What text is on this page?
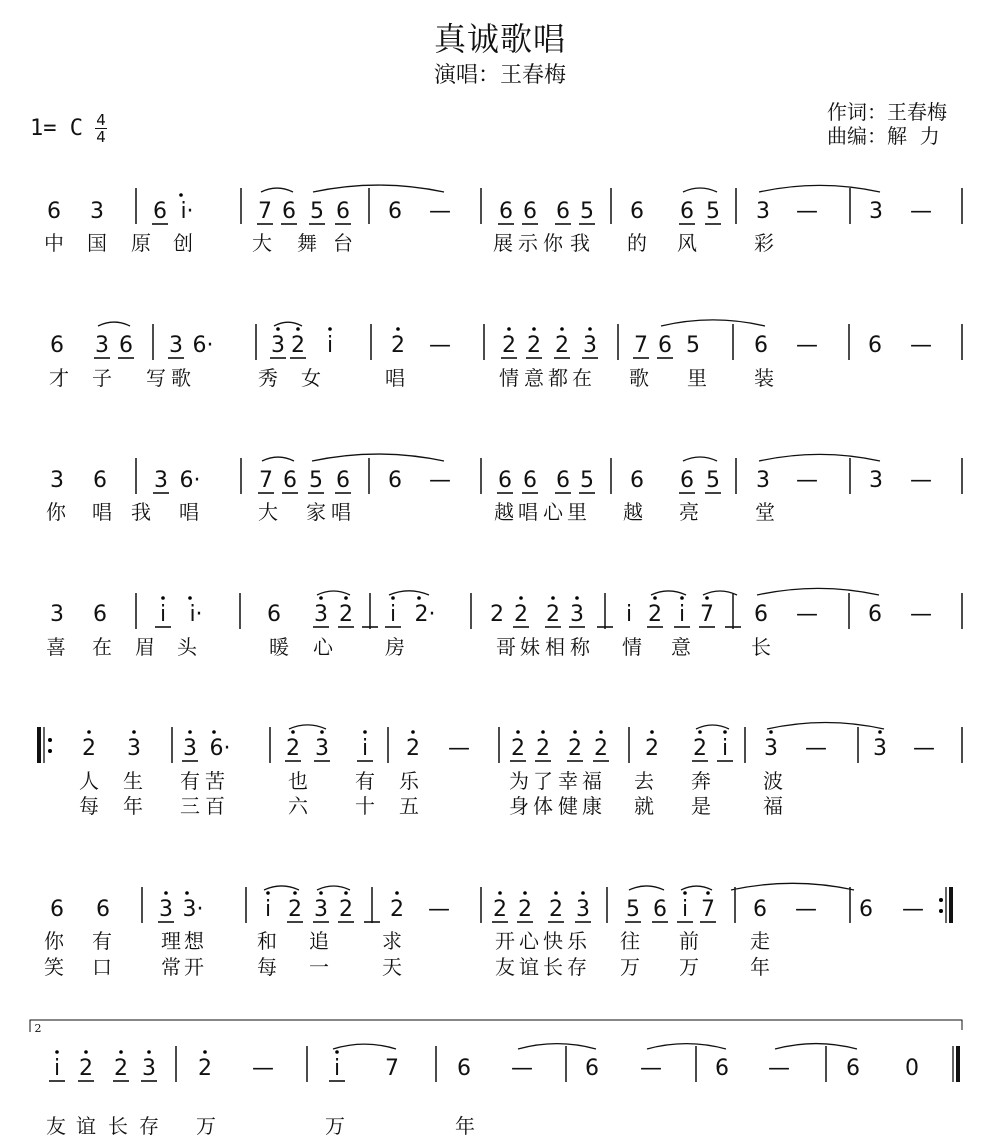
真诚歌唱
演唱：王春梅
作词：王春梅
曲编：解  力
1= C 4
4
6 3 6 i·	7 6 5 6 6 — 6 6 6 5 6 6 5 3 — 3 —
中 国 原 创	大 舞 台	展 示 你 我 的 风	彩
6 3 6 3 6·	3 2 i	2 — 2 2 2 3 7 6 5 6 — 6 —
才 子 写 歌	秀 女	唱	情 意 都 在 歌 里 装
3 6 3 6·	7 6 5 6 6 — 6 6 6 5 6 6 5 3 — 3 —
你 唱 我 唱	大 家 唱	越 唱 心 里 越 亮	堂
3 6 i i·	6 3 2 i 2· 2 2 2 3 i 2 i 7 6 — 6 —
喜 在 眉 头	暖 心	房	哥 妹 相 称 情 意	长
2 3 3 6·	2 3 i 2 — 2 2 2 2 2 2 i 3 — 3 —
人 生 有 苦	也 有 乐	为 了 幸 福 去 奔	波
每 年 三 百	六 十 五	身 体 健 康 就 是	福
6 6 3 3·	i 2 3 2 2 — 2 2 2 3 5 6 i 7 6 — 6 —
你 有 理 想	和 追	求	开 心 快 乐 往 前	走
笑 口 常 开	每 一	天	友 谊 长 存 万 万	年
i 2 2 3 2 —	i 7	6 — 6 — 6 —	6 0
友 谊 长 存 万	万	年
2
